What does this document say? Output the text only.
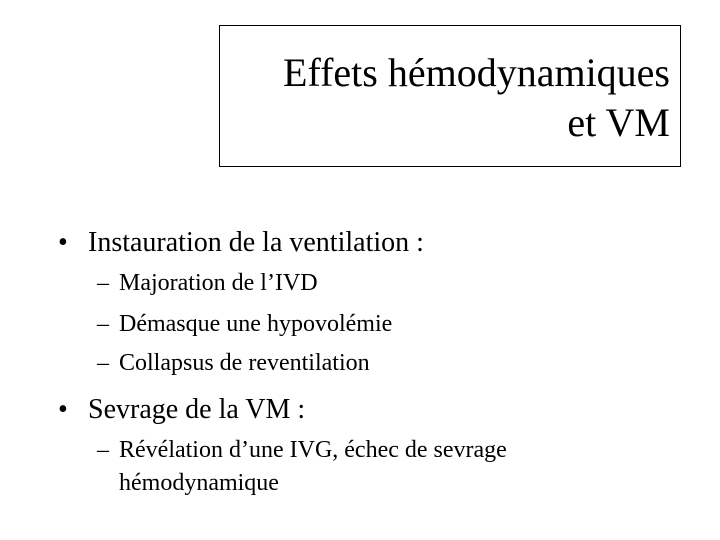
Effets hémodynamiques
et VM
• Instauration de la ventilation :
– Majoration de l’IVD
– Démasque une hypovolémie
– Collapsus de reventilation
• Sevrage de la VM :
– Révélation d’une IVG, échec de sevrage
hémodynamique
